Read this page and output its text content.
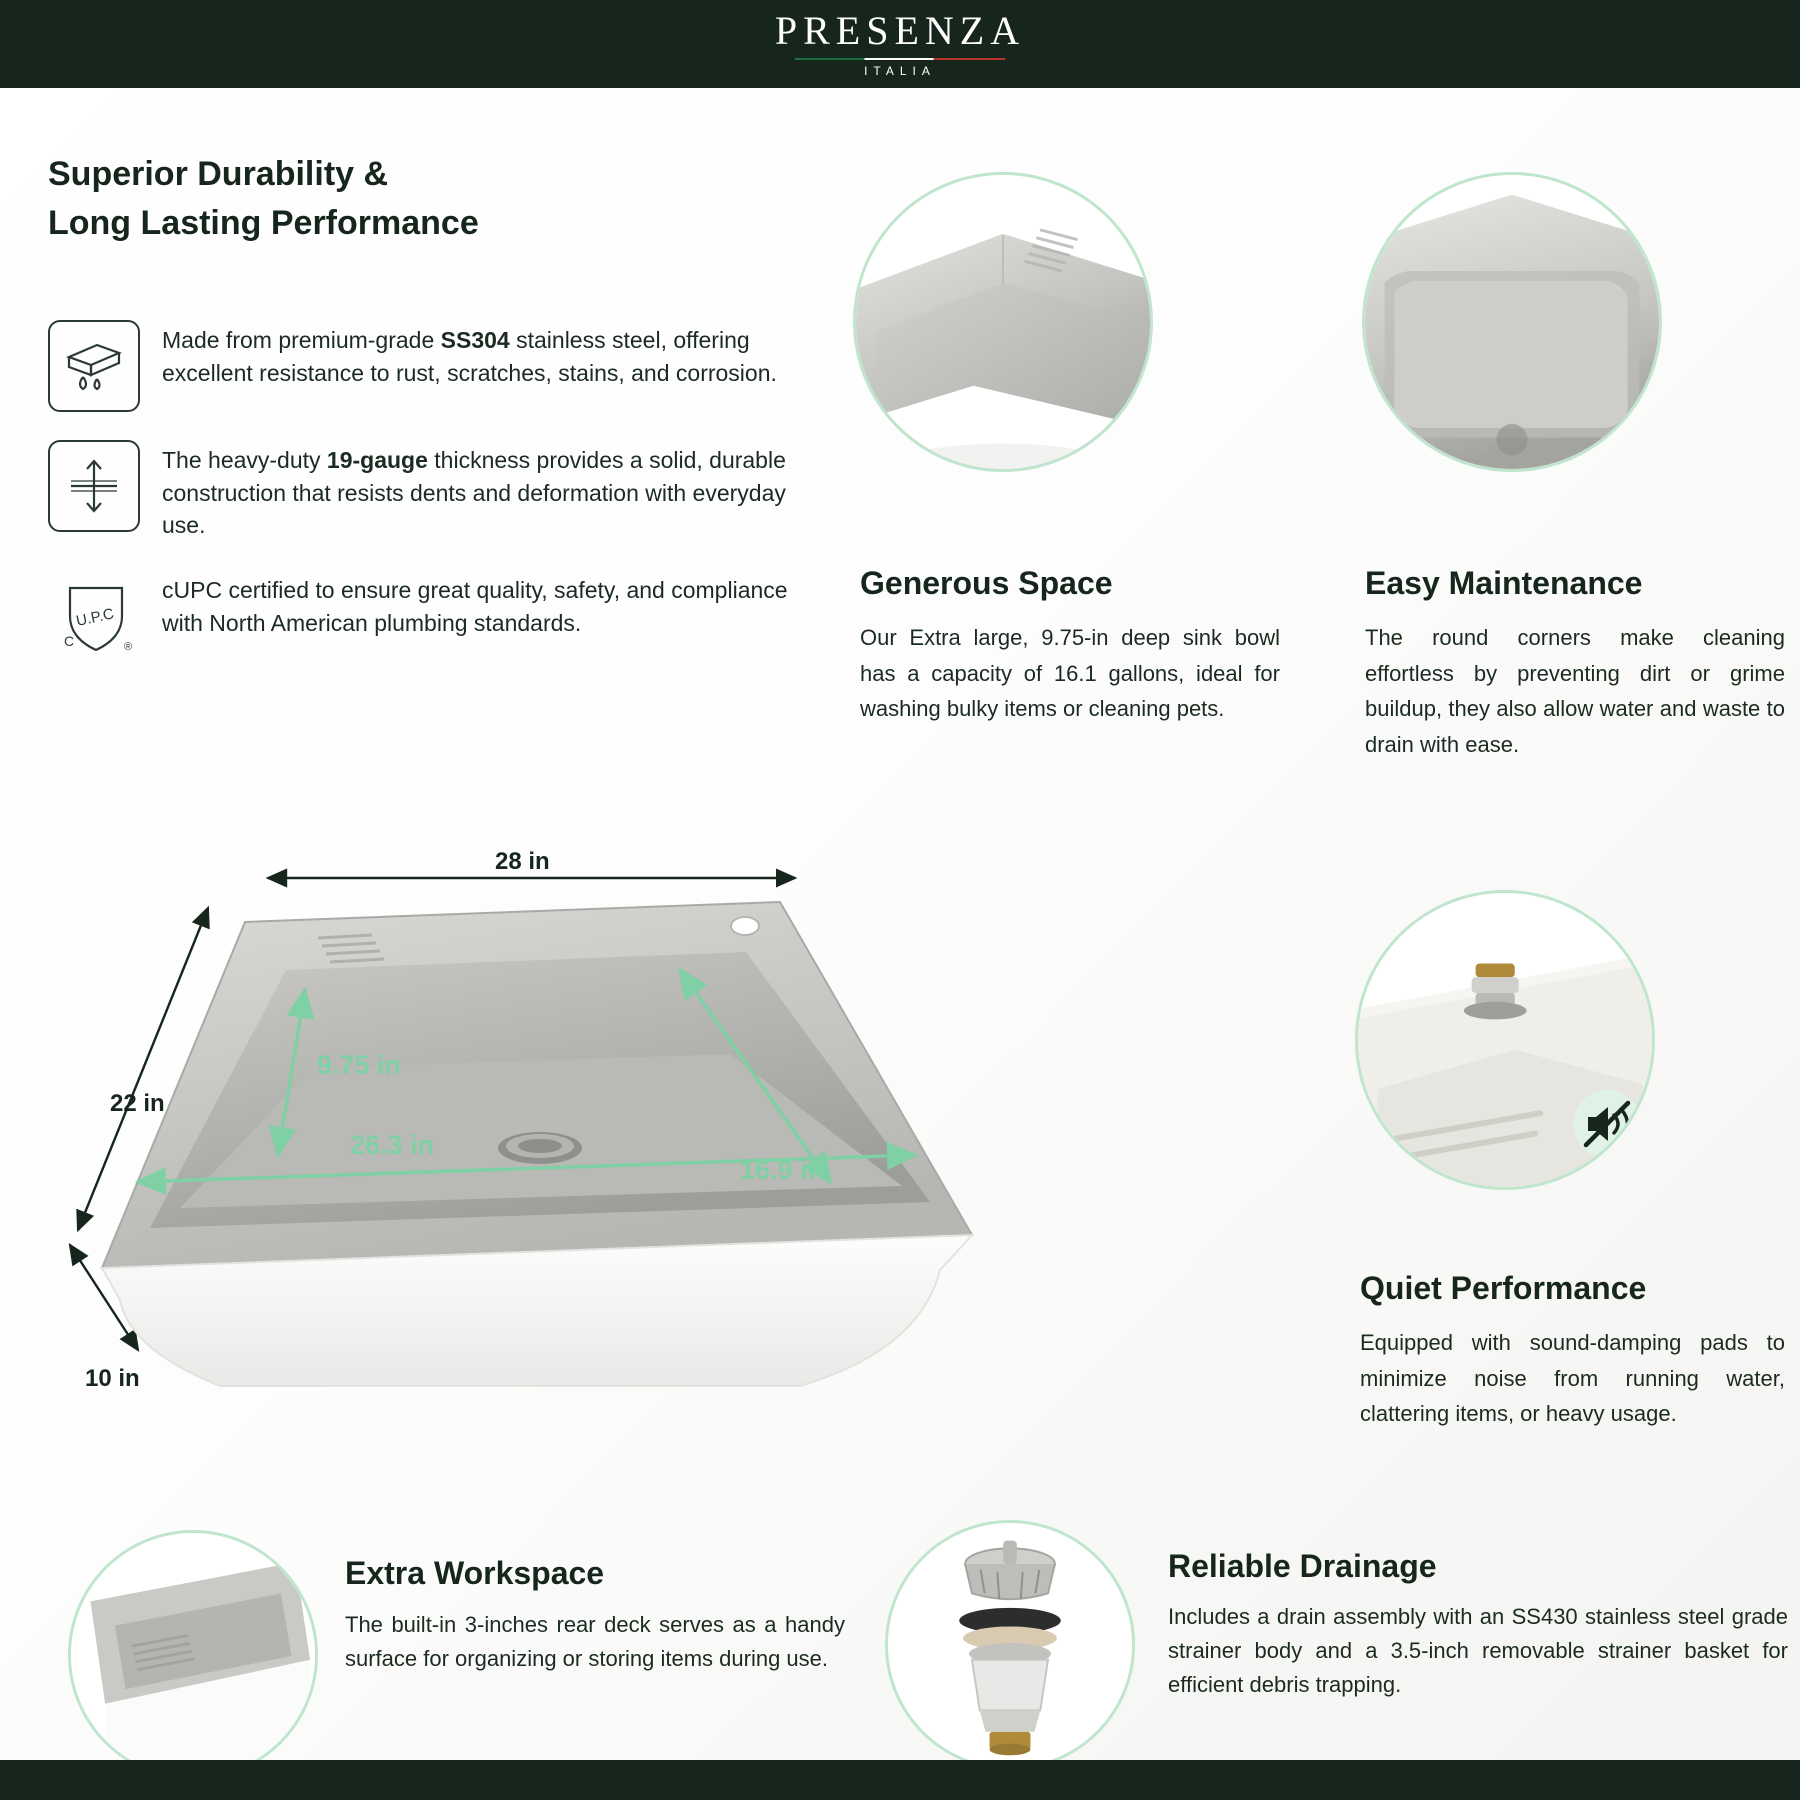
PRESENZA
ITALIA
Superior Durability &
Long Lasting Performance
Made from premium-grade SS304 stainless steel, offering excellent resistance to rust, scratches, stains, and corrosion.
The heavy-duty 19-gauge thickness provides a solid, durable construction that resists dents and deformation with everyday use.
U.P.C
C	®
cUPC certified to ensure great quality, safety, and compliance with North American plumbing standards.
Generous Space
Our Extra large, 9.75-in deep sink bowl has a capacity of 16.1 gallons, ideal for washing bulky items or cleaning pets.
Easy Maintenance
The round corners make cleaning effortless by preventing dirt or grime buildup, they also allow water and waste to drain with ease.
Quiet Performance
Equipped with sound-damping pads to minimize noise from running water, clattering items, or heavy usage.
28 in
22 in
10 in
9.75 in
26.3 in
16.9 in
Extra Workspace
The built-in 3-inches rear deck serves as a handy surface for organizing or storing items during use.
Reliable Drainage
Includes a drain assembly with an SS430 stainless steel grade strainer body and a 3.5-inch removable strainer basket for efficient debris trapping.
